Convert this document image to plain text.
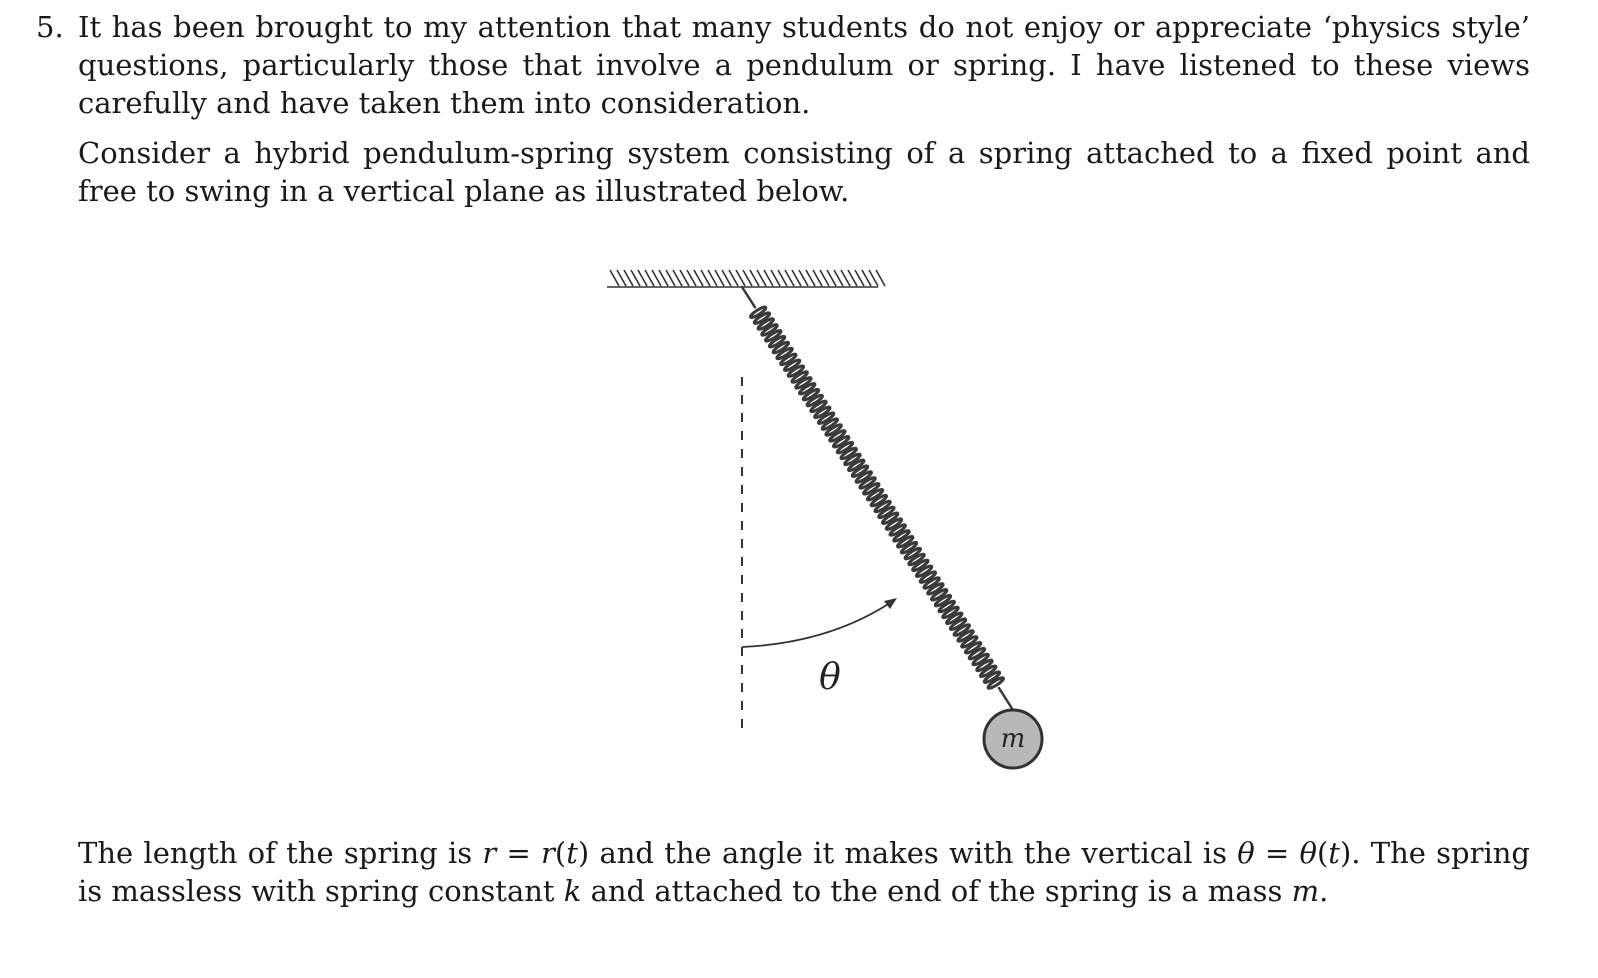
5. It has been brought to my attention that many students do not enjoy or appreciate ‘physics style’ questions, particularly those that involve a pendulum or spring. I have listened to these views carefully and have taken them into consideration.

Consider a hybrid pendulum-spring system consisting of a spring attached to a fixed point and free to swing in a vertical plane as illustrated below.

m
θ

The length of the spring is r = r(t) and the angle it makes with the vertical is θ = θ(t). The spring is massless with spring constant k and attached to the end of the spring is a mass m.
